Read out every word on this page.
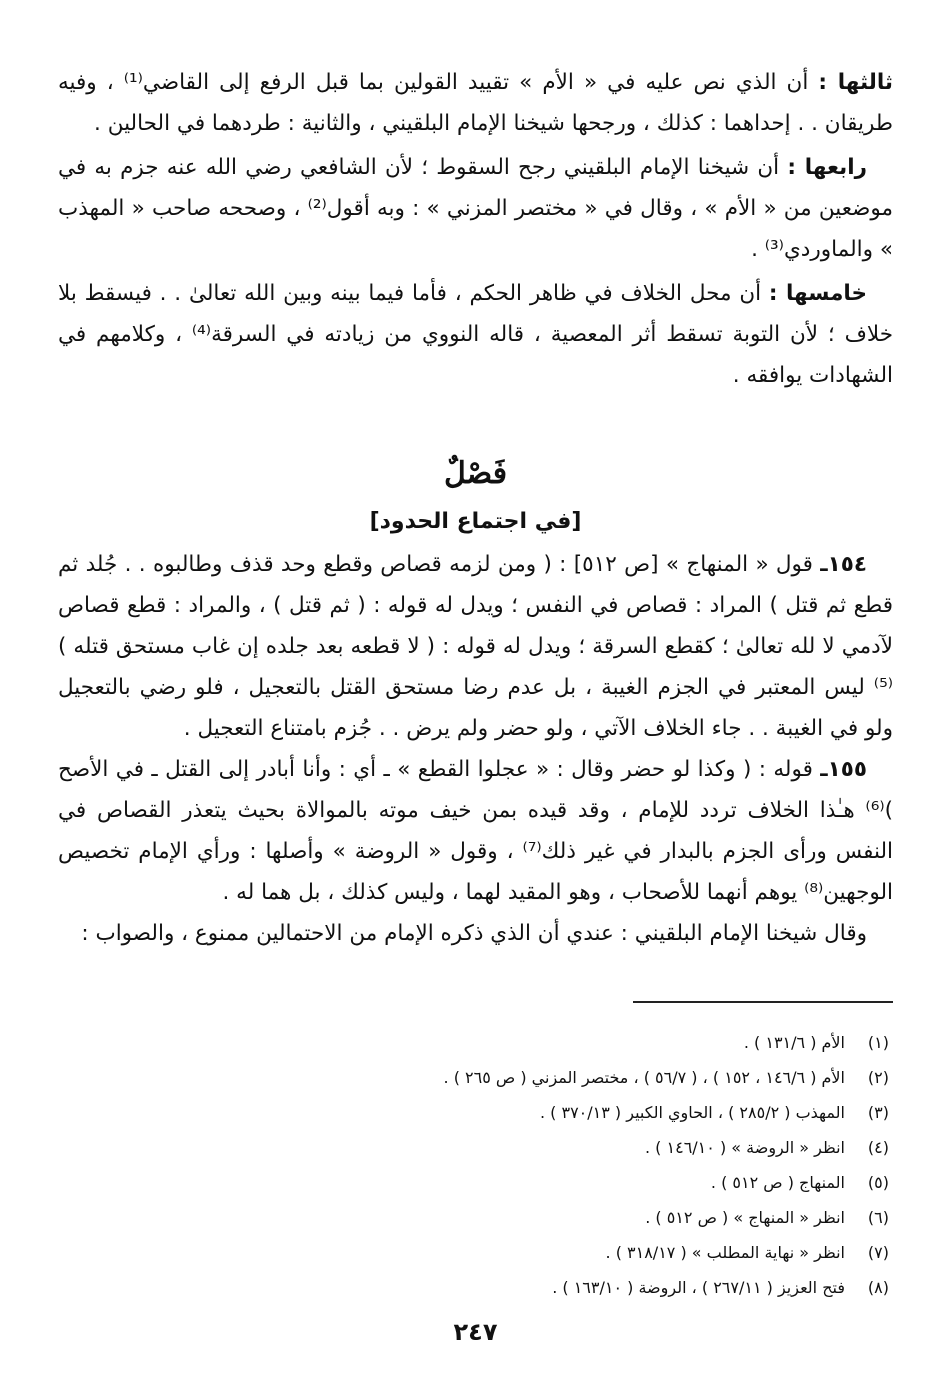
ثالثها : أن الذي نص عليه في « الأم » تقييد القولين بما قبل الرفع إلى القاضي⁽¹⁾ ، وفيه طريقان . . إحداهما : كذلك ، ورجحها شيخنا الإمام البلقيني ، والثانية : طردهما في الحالين .

رابعها : أن شيخنا الإمام البلقيني رجح السقوط ؛ لأن الشافعي رضي الله عنه جزم به في موضعين من « الأم » ، وقال في « مختصر المزني » : وبه أقول⁽²⁾ ، وصححه صاحب « المهذب » والماوردي⁽³⁾ .

خامسها : أن محل الخلاف في ظاهر الحكم ، فأما فيما بينه وبين الله تعالىٰ . . فيسقط بلا خلاف ؛ لأن التوبة تسقط أثر المعصية ، قاله النووي من زيادته في السرقة⁽⁴⁾ ، وكلامهم في الشهادات يوافقه .

فَصْلٌ
[في اجتماع الحدود]

١٥٤ـ قول « المنهاج » [ص ٥١٢] : ( ومن لزمه قصاص وقطع وحد قذف وطالبوه . . جُلد ثم قطع ثم قتل ) المراد : قصاص في النفس ؛ ويدل له قوله : ( ثم قتل ) ، والمراد : قطع قصاص لآدمي لا لله تعالىٰ ؛ كقطع السرقة ؛ ويدل له قوله : ( لا قطعه بعد جلده إن غاب مستحق قتله )⁽⁵⁾ ليس المعتبر في الجزم الغيبة ، بل عدم رضا مستحق القتل بالتعجيل ، فلو رضي بالتعجيل ولو في الغيبة . . جاء الخلاف الآتي ، ولو حضر ولم يرض . . جُزم بامتناع التعجيل .

١٥٥ـ قوله : ( وكذا لو حضر وقال : « عجلوا القطع » ـ أي : وأنا أبادر إلى القتل ـ في الأصح )⁽⁶⁾ هـٰذا الخلاف تردد للإمام ، وقد قيده بمن خيف موته بالموالاة بحيث يتعذر القصاص في النفس ورأى الجزم بالبدار في غير ذلك⁽⁷⁾ ، وقول « الروضة » وأصلها : ورأي الإمام تخصيص الوجهين⁽⁸⁾ يوهم أنهما للأصحاب ، وهو المقيد لهما ، وليس كذلك ، بل هما له .

وقال شيخنا الإمام البلقيني : عندي أن الذي ذكره الإمام من الاحتمالين ممنوع ، والصواب :

(١)الأم ( ١٣١/٦ ) .
(٢)الأم ( ١٤٦/٦ ، ١٥٢ ) ، ( ٥٦/٧ ) ، مختصر المزني ( ص ٢٦٥ ) .
(٣)المهذب ( ٢٨٥/٢ ) ، الحاوي الكبير ( ٣٧٠/١٣ ) .
(٤)انظر « الروضة » ( ١٤٦/١٠ ) .
(٥)المنهاج ( ص ٥١٢ ) .
(٦)انظر « المنهاج » ( ص ٥١٢ ) .
(٧)انظر « نهاية المطلب » ( ٣١٨/١٧ ) .
(٨)فتح العزيز ( ٢٦٧/١١ ) ، الروضة ( ١٦٣/١٠ ) .
٢٤٧
